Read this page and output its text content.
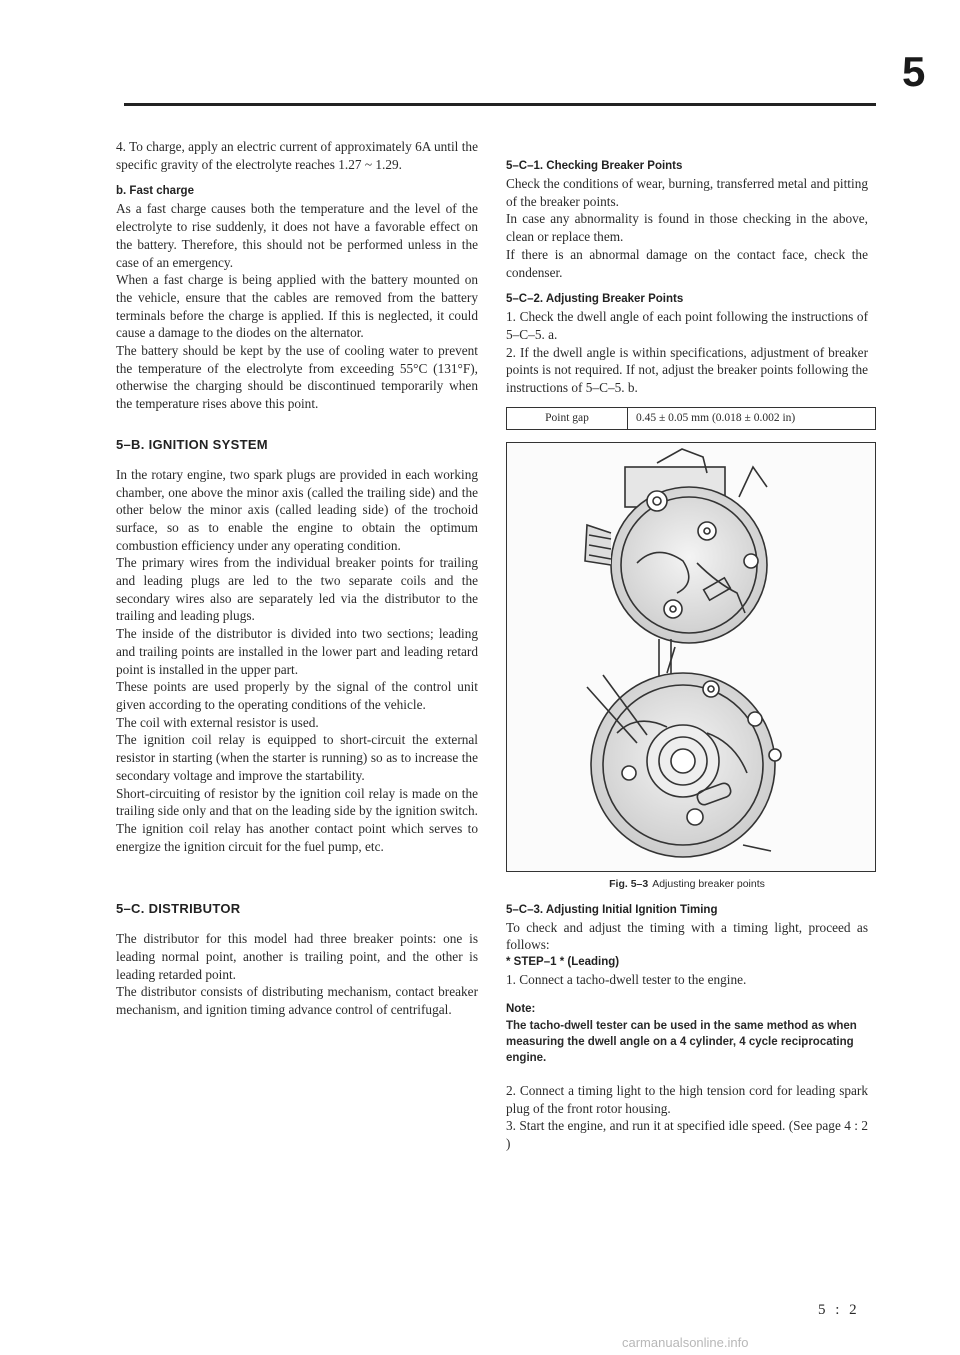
5

4. To charge, apply an electric current of approximately 6A until the specific gravity of the electrolyte reaches 1.27 ~ 1.29.

b. Fast charge

As a fast charge causes both the temperature and the level of the electrolyte to rise suddenly, it does not have a favorable effect on the battery. Therefore, this should not be performed unless in the case of an emergency.

When a fast charge is being applied with the battery mounted on the vehicle, ensure that the cables are removed from the battery terminals before the charge is applied. If this is neglected, it could cause a damage to the diodes on the alternator.

The battery should be kept by the use of cooling water to prevent the temperature of the electrolyte from exceeding 55°C (131°F), otherwise the charging should be discontinued temporarily when the temperature rises above this point.

5–B. IGNITION SYSTEM

In the rotary engine, two spark plugs are provided in each working chamber, one above the minor axis (called the trailing side) and the other below the minor axis (called leading side) of the trochoid surface, so as to enable the engine to obtain the optimum combustion efficiency under any operating condition.

The primary wires from the individual breaker points for trailing and leading plugs are led to the two separate coils and the secondary wires also are separately led via the distributor to the trailing and leading plugs.

The inside of the distributor is divided into two sections; leading and trailing points are installed in the lower part and leading retard point is installed in the upper part.

These points are used properly by the signal of the control unit given according to the operating conditions of the vehicle.

The coil with external resistor is used.

The ignition coil relay is equipped to short-circuit the external resistor in starting (when the starter is running) so as to increase the secondary voltage and improve the startability.

Short-circuiting of resistor by the ignition coil relay is made on the trailing side only and that on the leading side by the ignition switch. The ignition coil relay has another contact point which serves to energize the ignition circuit for the fuel pump, etc.

5–C. DISTRIBUTOR

The distributor for this model had three breaker points: one is leading normal point, another is trailing point, and the other is leading retarded point.

The distributor consists of distributing mechanism, contact breaker mechanism, and ignition timing advance control of centrifugal.

5–C–1. Checking Breaker Points

Check the conditions of wear, burning, transferred metal and pitting of the breaker points.

In case any abnormality is found in those checking in the above, clean or replace them.

If there is an abnormal damage on the contact face, check the condenser.

5–C–2. Adjusting Breaker Points

1. Check the dwell angle of each point following the instructions of 5–C–5. a.

2. If the dwell angle is within specifications, adjustment of breaker points is not required. If not, adjust the breaker points following the instructions of 5–C–5. b.

Point gap	0.45 ± 0.05 mm (0.018 ± 0.002 in)
Fig. 5–3 Adjusting breaker points

5–C–3. Adjusting Initial Ignition Timing

To check and adjust the timing with a timing light, proceed as follows:

* STEP–1 * (Leading)

1. Connect a tacho-dwell tester to the engine.

Note:

The tacho-dwell tester can be used in the same method as when measuring the dwell angle on a 4 cylinder, 4 cycle reciprocating engine.

2. Connect a timing light to the high tension cord for leading spark plug of the front rotor housing.

3. Start the engine, and run it at specified idle speed. (See page 4 : 2 )

5 : 2
carmanualsonline.info
